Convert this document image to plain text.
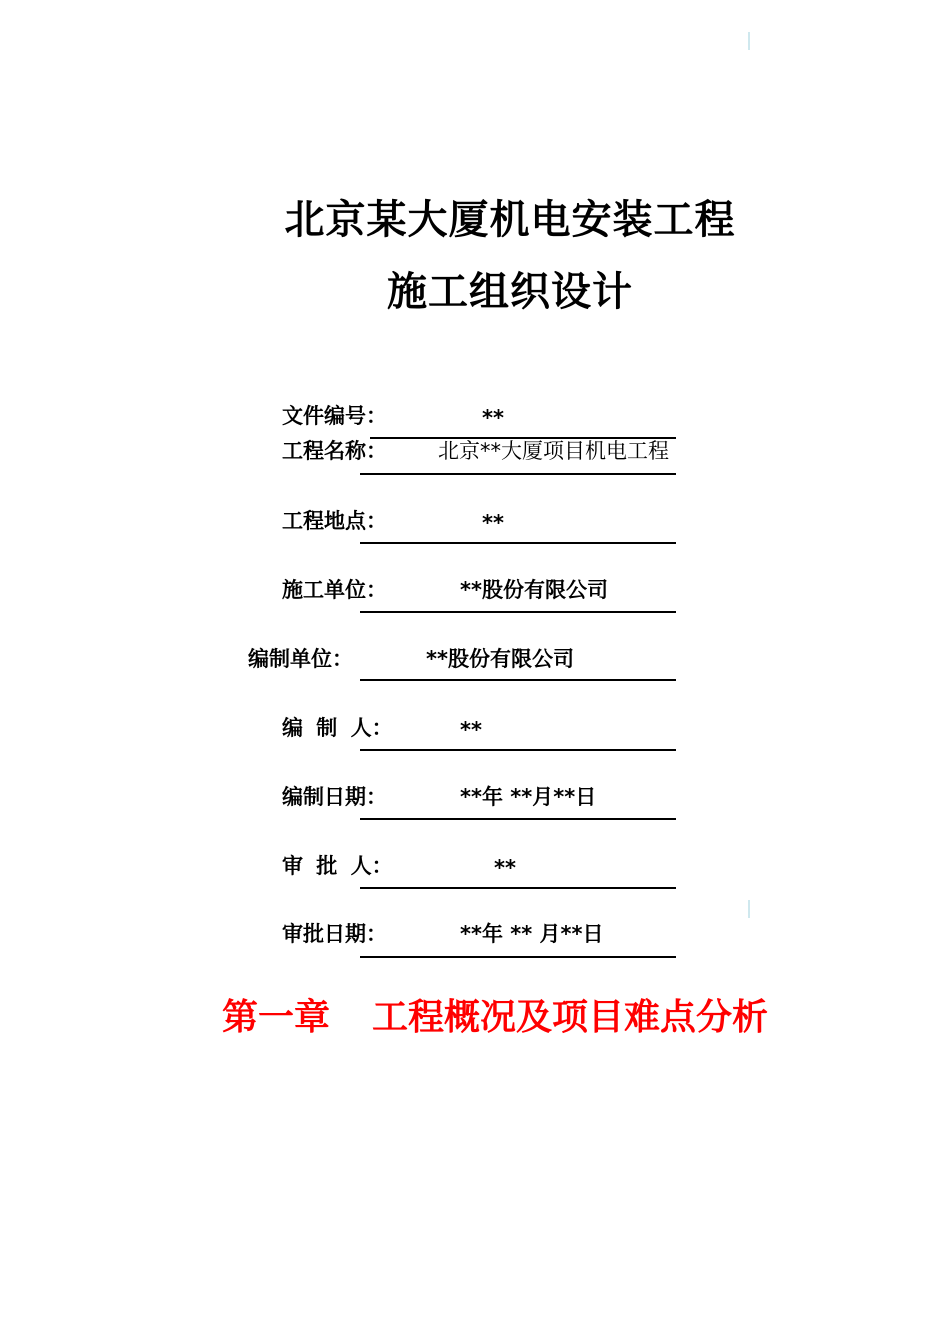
北京某大厦机电安装工程
施工组织设计
文件编号：	**
工程名称： 北京**大厦项目机电工程
工程地点：	**
施工单位：	**股份有限公司
编制单位：	**股份有限公司
编 制 人：	**
编制日期：	**年 **月**日
审 批 人：	**
审批日期：	**年 ** 月**日
第一章 工程概况及项目难点分析
